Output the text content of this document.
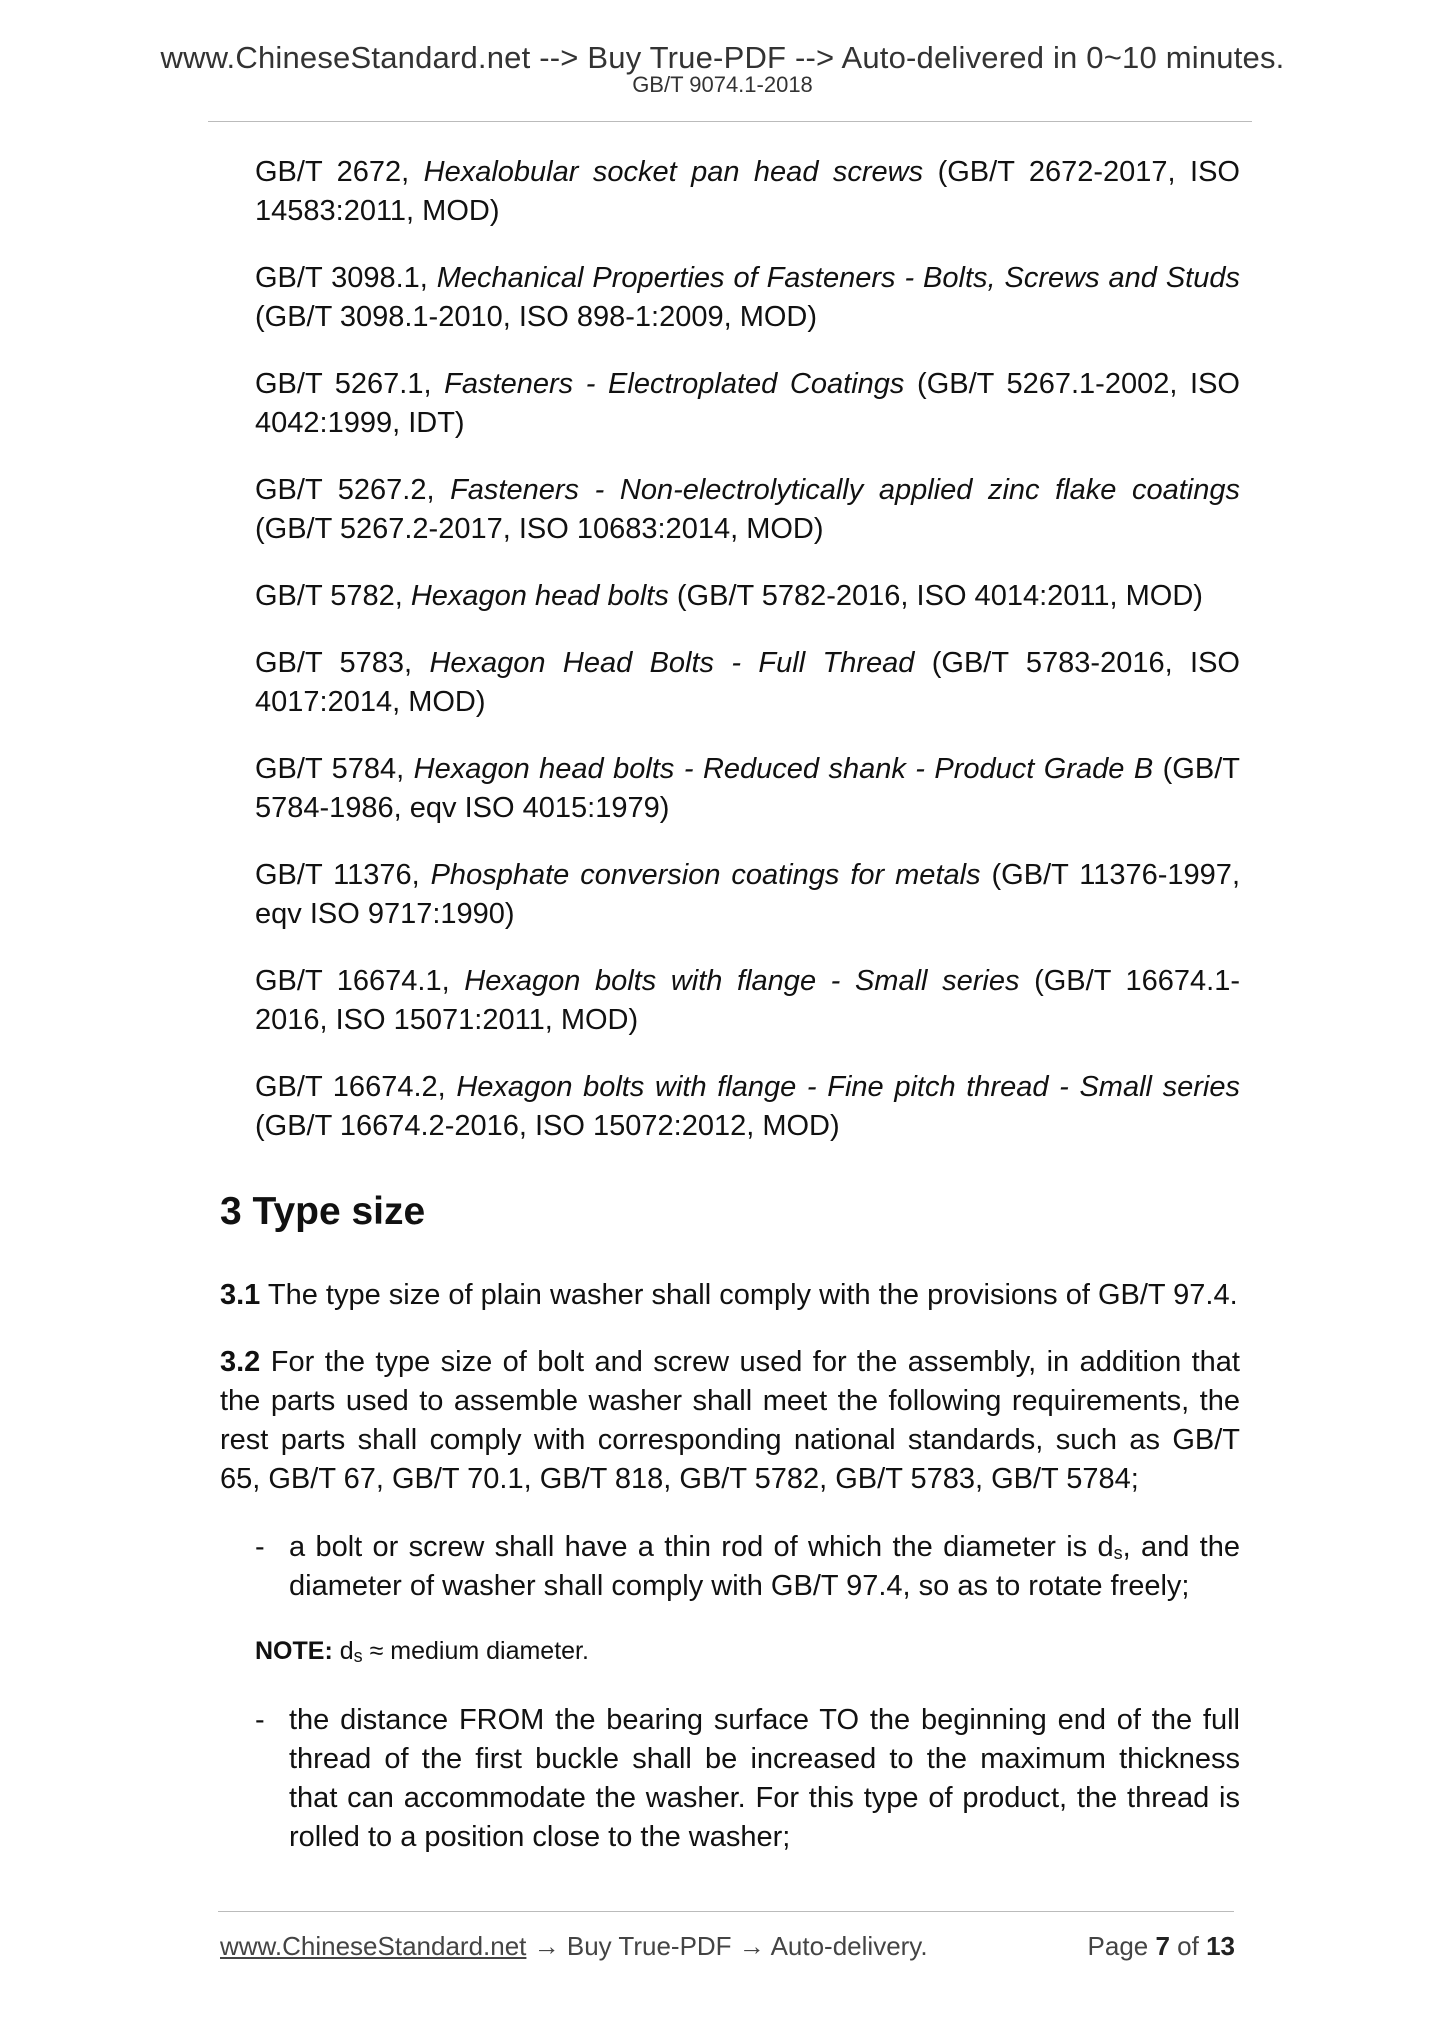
www.ChineseStandard.net --> Buy True-PDF --> Auto-delivered in 0~10 minutes.
GB/T 9074.1-2018
GB/T 2672, Hexalobular socket pan head screws (GB/T 2672-2017, ISO 14583:2011, MOD)
GB/T 3098.1, Mechanical Properties of Fasteners - Bolts, Screws and Studs (GB/T 3098.1-2010, ISO 898-1:2009, MOD)
GB/T 5267.1, Fasteners - Electroplated Coatings (GB/T 5267.1-2002, ISO 4042:1999, IDT)
GB/T 5267.2, Fasteners - Non-electrolytically applied zinc flake coatings (GB/T 5267.2-2017, ISO 10683:2014, MOD)
GB/T 5782, Hexagon head bolts (GB/T 5782-2016, ISO 4014:2011, MOD)
GB/T 5783, Hexagon Head Bolts - Full Thread (GB/T 5783-2016, ISO 4017:2014, MOD)
GB/T 5784, Hexagon head bolts - Reduced shank - Product Grade B (GB/T 5784-1986, eqv ISO 4015:1979)
GB/T 11376, Phosphate conversion coatings for metals (GB/T 11376-1997, eqv ISO 9717:1990)
GB/T 16674.1, Hexagon bolts with flange - Small series (GB/T 16674.1-2016, ISO 15071:2011, MOD)
GB/T 16674.2, Hexagon bolts with flange - Fine pitch thread - Small series (GB/T 16674.2-2016, ISO 15072:2012, MOD)
3 Type size

3.1 The type size of plain washer shall comply with the provisions of GB/T 97.4.

3.2 For the type size of bolt and screw used for the assembly, in addition that the parts used to assemble washer shall meet the following requirements, the rest parts shall comply with corresponding national standards, such as GB/T 65, GB/T 67, GB/T 70.1, GB/T 818, GB/T 5782, GB/T 5783, GB/T 5784;

- a bolt or screw shall have a thin rod of which the diameter is $d_s$, and the diameter of washer shall comply with GB/T 97.4, so as to rotate freely;
NOTE: $d_s$ ≈ medium diameter.
- the distance FROM the bearing surface TO the beginning end of the full thread of the first buckle shall be increased to the maximum thickness that can accommodate the washer. For this type of product, the thread is rolled to a position close to the washer;
www.ChineseStandard.net → Buy True-PDF → Auto-delivery.	Page 7 of 13
